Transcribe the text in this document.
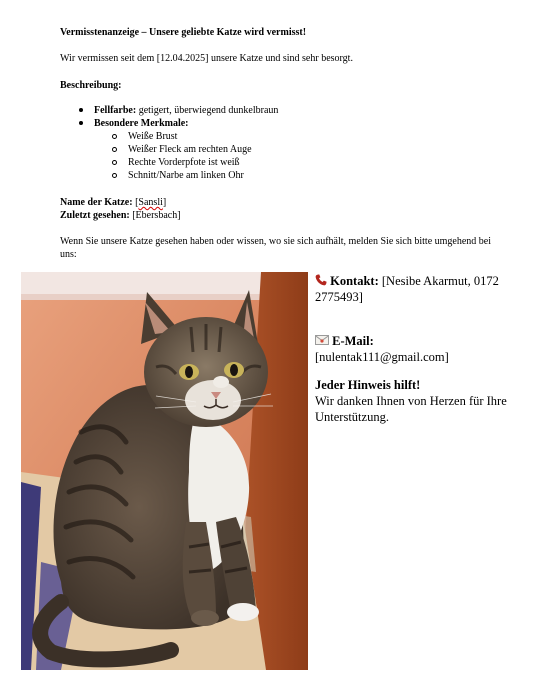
Vermisstenanzeige – Unsere geliebte Katze wird vermisst!
Wir vermissen seit dem [12.04.2025] unsere Katze und sind sehr besorgt.
Beschreibung:
Fellfarbe: getigert, überwiegend dunkelbraun
Besondere Merkmale:
Weiße Brust
Weißer Fleck am rechten Auge
Rechte Vorderpfote ist weiß
Schnitt/Narbe am linken Ohr
Name der Katze: [Sansli]
Zuletzt gesehen: [Ebersbach]
Wenn Sie unsere Katze gesehen haben oder wissen, wo sie sich aufhält, melden Sie sich bitte umgehend bei uns:
Kontakt: [Nesibe Akarmut, 0172 2775493]
E-Mail:
[nulentak111@gmail.com]
Jeder Hinweis hilft!
Wir danken Ihnen von Herzen für Ihre Unterstützung.
